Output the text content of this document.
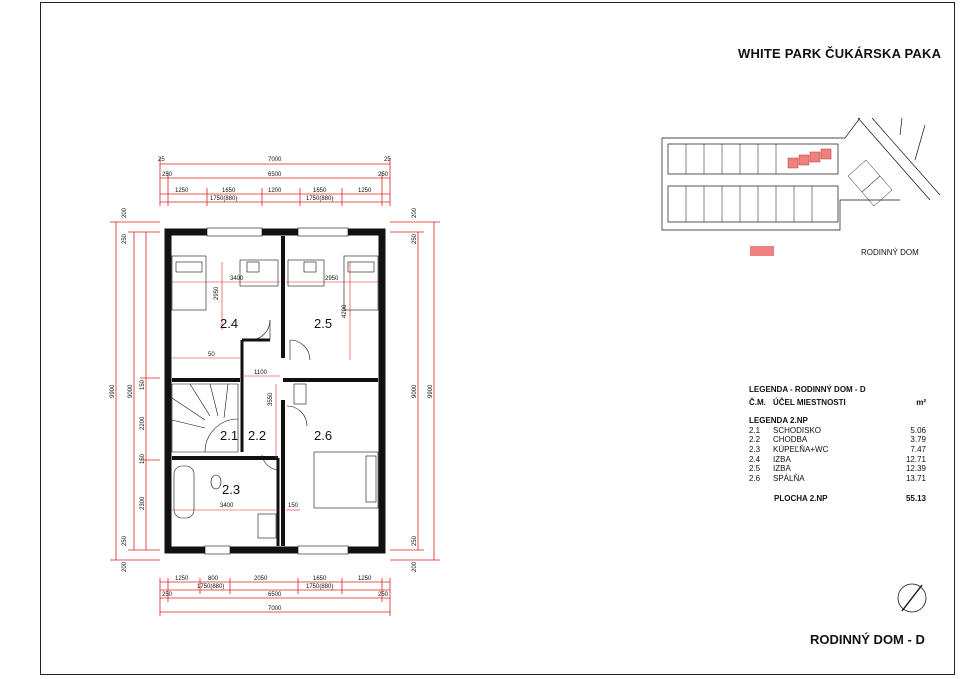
WHITE PARK ČUKÁRSKA PAKA
7000
25	25
6500
250	250
1250	1650	1200	1650	1250
1750(880)	1750(880)
1250	800	2050	1650	1250
1750(880)	1750(880)
6500
250	250
7000
9900 9000
200
250
150
2200
150
2300
250
200
9900
9000
200
250
250
200
3400	2950
2950
4200
50
1100
3550
3400	150
2.4	2.5
2.1 2.2	2.6
2.3
RODINNÝ DOM
LEGENDA - RODINNÝ DOM - D
Č.M. ÚČEL MIESTNOSTI	m²
LEGENDA 2.NP
2.1	SCHODISKO	5.06
2.2	CHODBA	3.79
2.3	KÚPEĽŇA+WC	7.47
2.4	IZBA	12.71
2.5	IZBA	12.39
2.6	SPÁLŇA	13.71
PLOCHA 2.NP	55.13
RODINNÝ DOM - D
